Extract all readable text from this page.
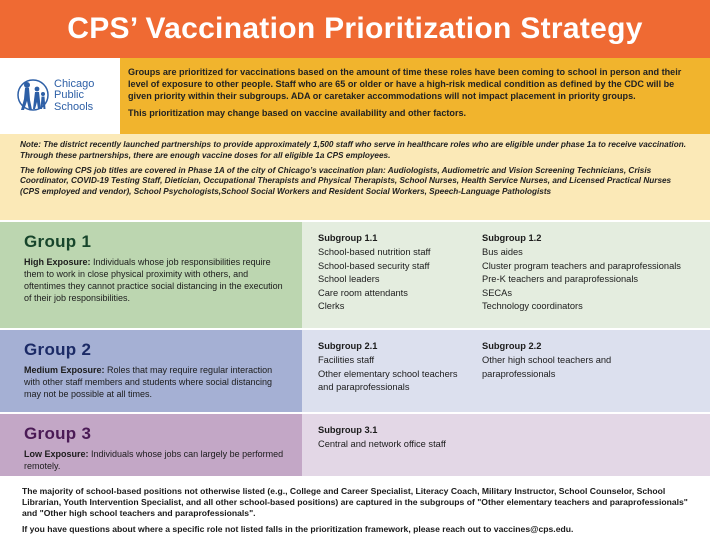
CPS’ Vaccination Prioritization Strategy
Chicago
Public
Schools

Groups are prioritized for vaccinations based on the amount of time these roles have been coming to school in person and their level of exposure to other people. Staff who are 65 or older or have a high-risk medical condition as defined by the CDC will be given priority within their subgroups. ADA or caretaker accommodations will not impact placement in priority groups.

This prioritization may change based on vaccine availability and other factors.

Note: The district recently launched partnerships to provide approximately 1,500 staff who serve in healthcare roles who are eligible under phase 1a to receive vaccination. Through these partnerships, there are enough vaccine doses for all eligible 1a CPS employees.

The following CPS job titles are covered in Phase 1A of the city of Chicago’s vaccination plan: Audiologists, Audiometric and Vision Screening Technicians, Crisis Coordinator, COVID-19 Testing Staff, Dietician, Occupational Therapists and Physical Therapists, School Nurses, Health Service Nurses, and Licensed Practical Nurses (CPS employed and vendor), School Psychologists,School Social Workers and Resident Social Workers, Speech-Language Pathologists

Group 1
High Exposure: Individuals whose job responsibilities require them to work in close physical proximity with others, and oftentimes they cannot practice social distancing in the execution of their job responsibilities.
Subgroup 1.1
School-based nutrition staff
School-based security staff
School leaders
Care room attendants
Clerks
Subgroup 1.2
Bus aides
Cluster program teachers and paraprofessionals
Pre-K teachers and paraprofessionals
SECAs
Technology coordinators
Group 2
Medium Exposure: Roles that may require regular interaction with other staff members and students where social distancing may not be possible at all times.
Subgroup 2.1
Facilities staff
Other elementary school teachers and paraprofessionals
Subgroup 2.2
Other high school teachers and paraprofessionals
Group 3
Low Exposure: Individuals whose jobs can largely be performed remotely.
Subgroup 3.1
Central and network office staff

The majority of school-based positions not otherwise listed (e.g., College and Career Specialist, Literacy Coach, Military Instructor, School Counselor, School Librarian, Youth Intervention Specialist, and all other school-based positions) are captured in the subgroups of "Other elementary teachers and paraprofessionals" and "Other high school teachers and paraprofessionals".

If you have questions about where a specific role not listed falls in the prioritization framework, please reach out to vaccines@cps.edu.
